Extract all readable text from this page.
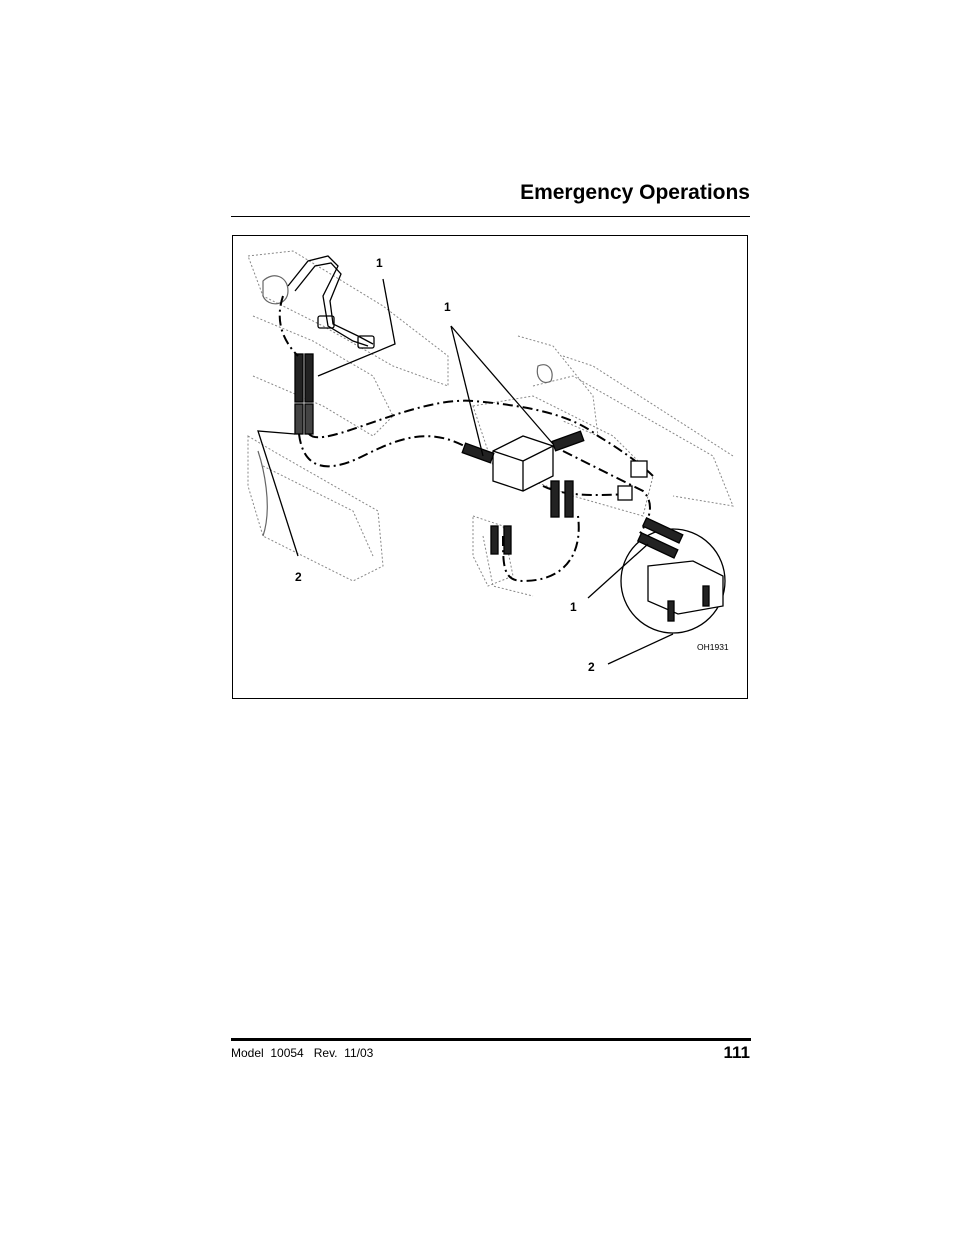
Emergency Operations
1
1
2
1
2
OH1931
Model  10054   Rev.  11/03	111
